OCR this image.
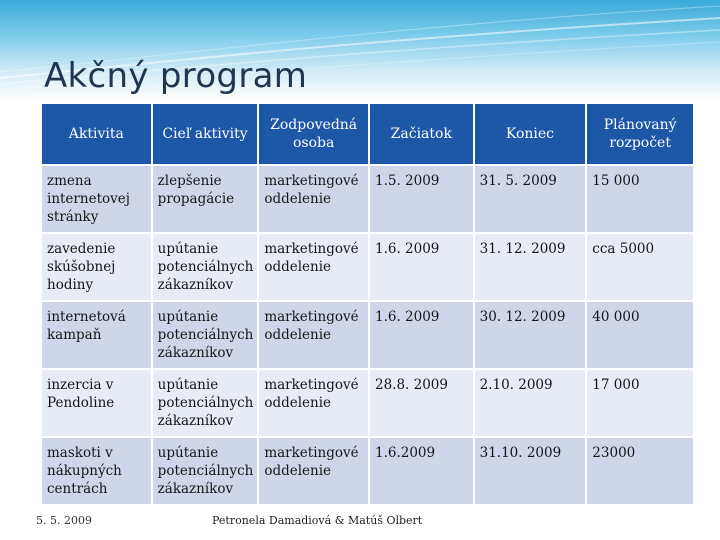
Akčný program
Aktivita	Cieľ aktivity	Zodpovedná osoba	Začiatok	Koniec	Plánovaný rozpočet
zmena internetovej stránky	zlepšenie propagácie	marketingové oddelenie	1.5. 2009	31. 5. 2009	15 000
zavedenie skúšobnej hodiny	upútanie potenciálnych zákazníkov	marketingové oddelenie	1.6. 2009	31. 12. 2009	cca 5000
internetová kampaň	upútanie potenciálnych zákazníkov	marketingové oddelenie	1.6. 2009	30. 12. 2009	40 000
inzercia v Pendoline	upútanie potenciálnych zákazníkov	marketingové oddelenie	28.8. 2009	2.10. 2009	17 000
maskoti v nákupných centrách	upútanie potenciálnych zákazníkov	marketingové oddelenie	1.6.2009	31.10. 2009	23000
5. 5. 2009	Petronela Damadiová & Matúš Olbert
